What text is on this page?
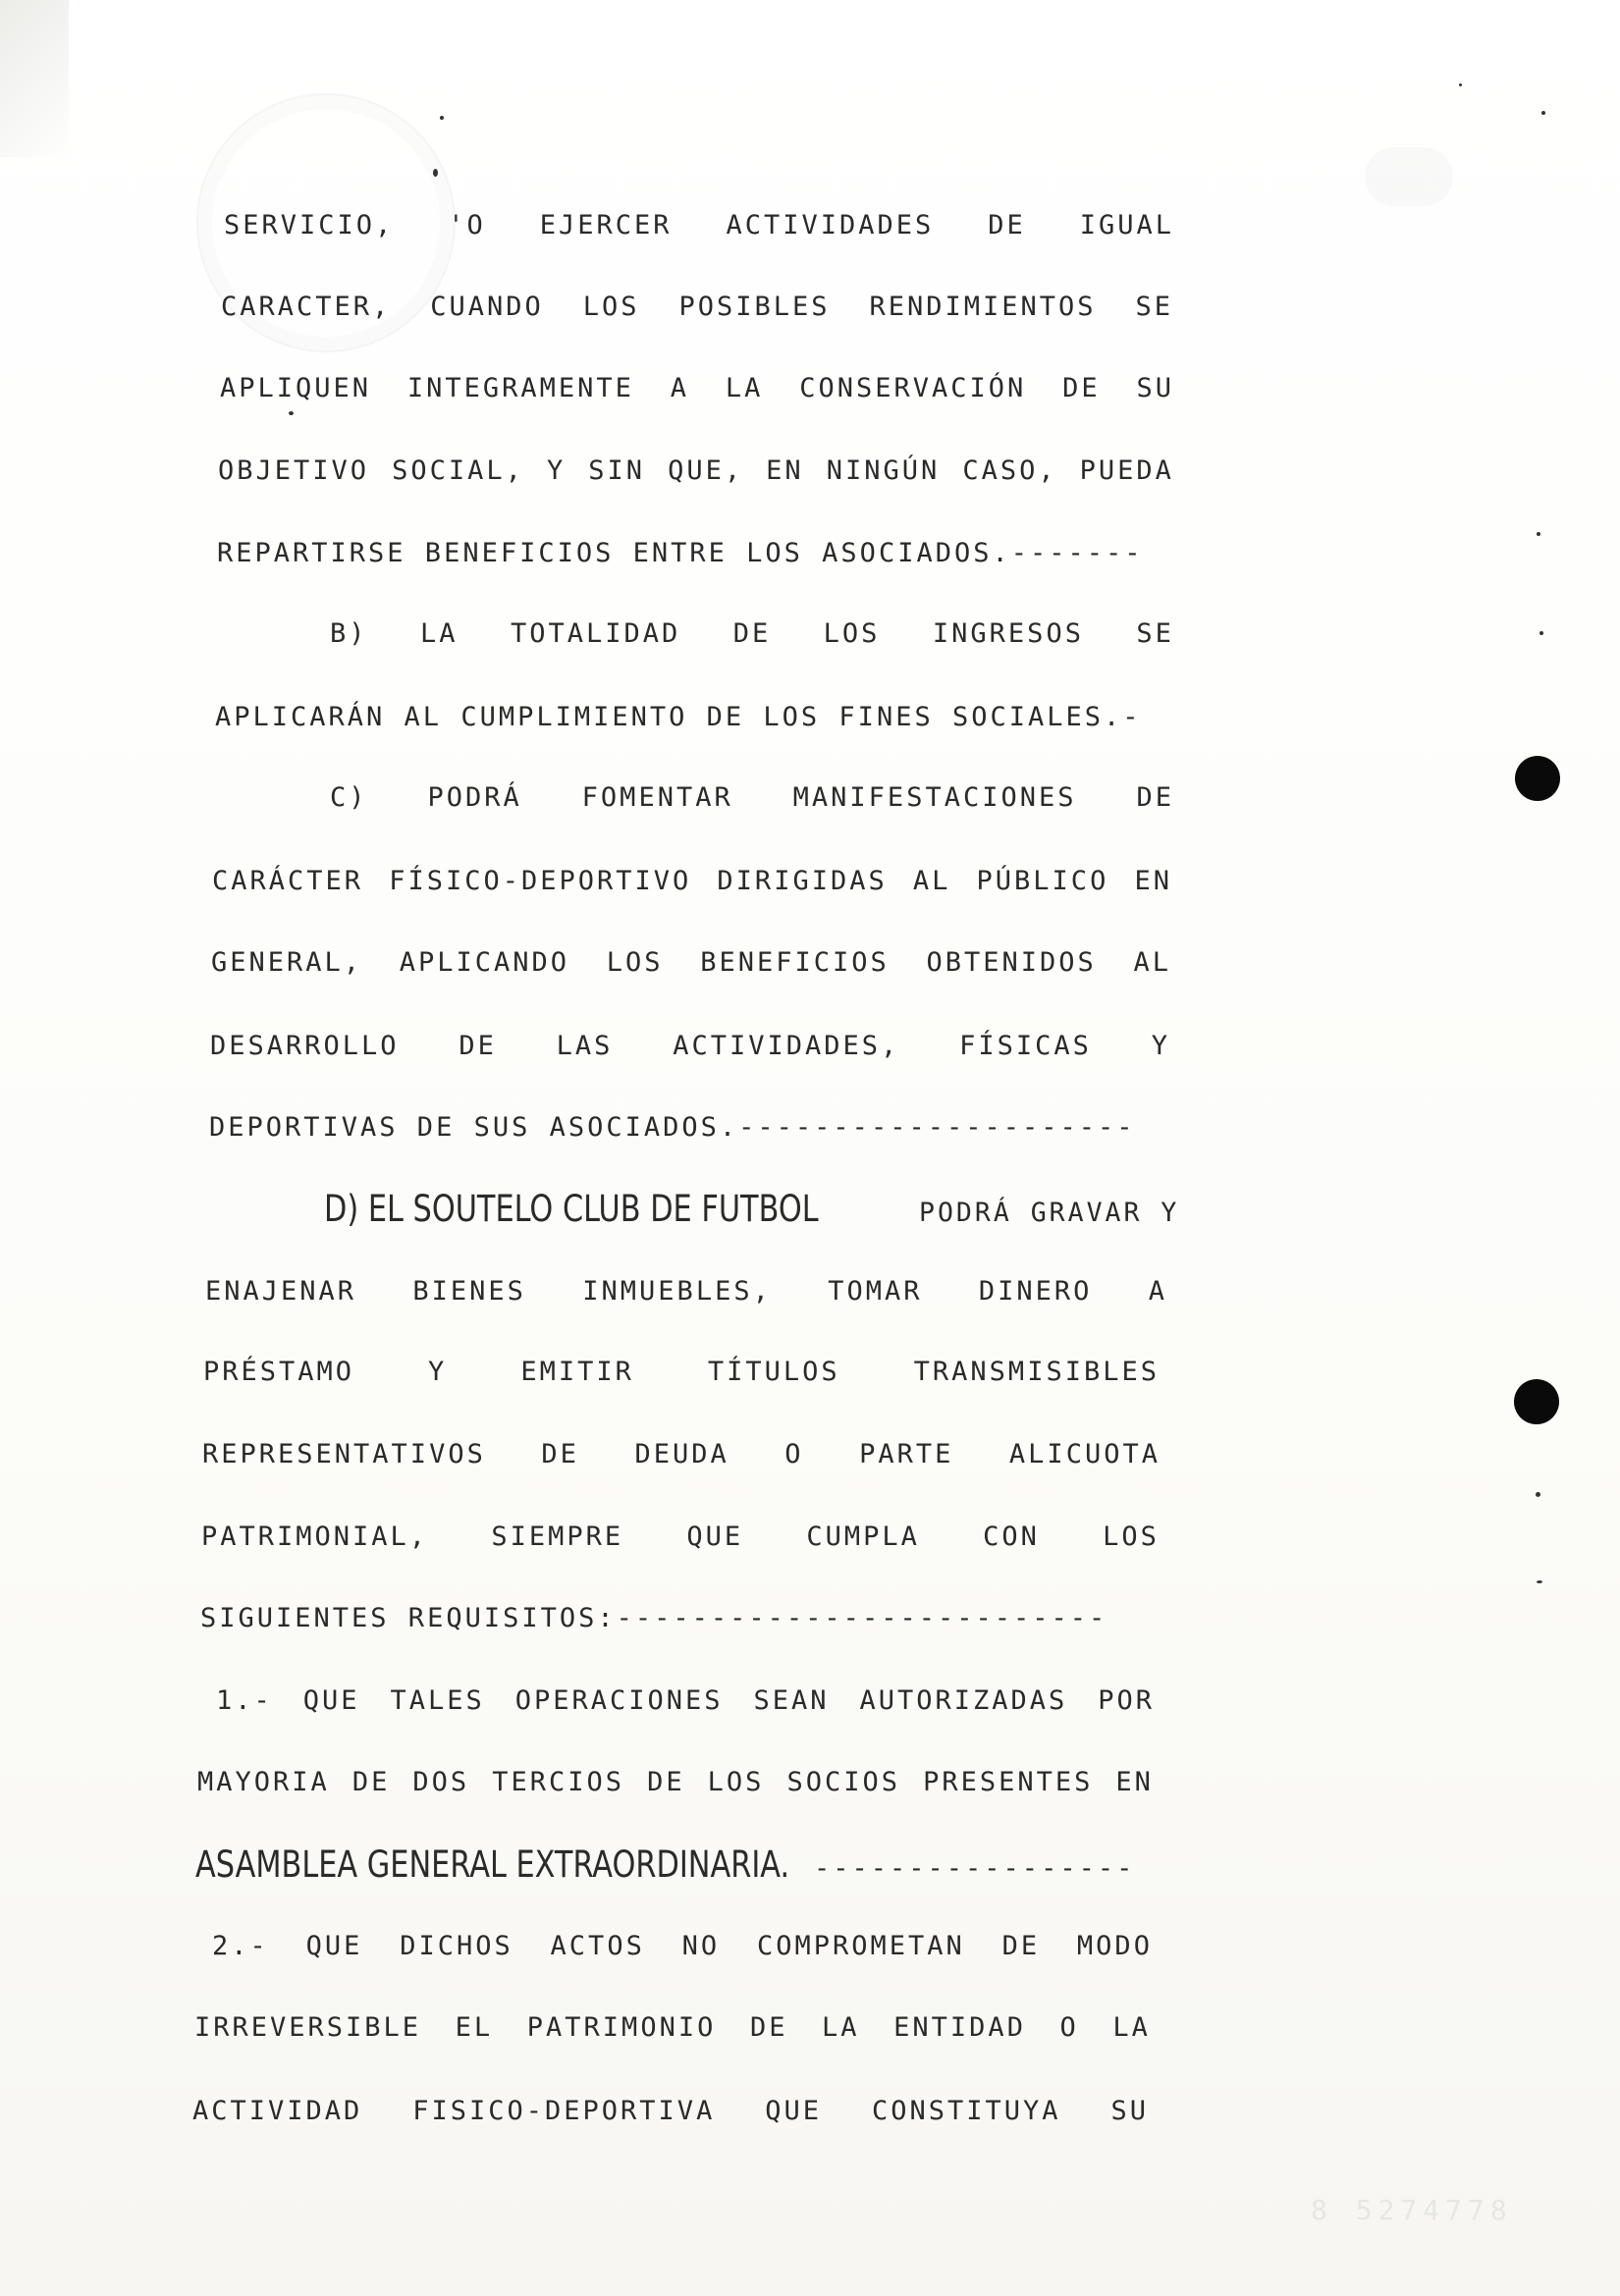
SERVICIO, 'O EJERCER ACTIVIDADES DE IGUAL
CARACTER, CUANDO LOS POSIBLES RENDIMIENTOS SE
APLIQUEN INTEGRAMENTE A LA CONSERVACIÓN DE SU
OBJETIVO SOCIAL, Y SIN QUE, EN NINGÚN CASO, PUEDA
REPARTIRSE BENEFICIOS ENTRE LOS ASOCIADOS.-------
B) LA TOTALIDAD DE LOS INGRESOS SE
APLICARÁN AL CUMPLIMIENTO DE LOS FINES SOCIALES.-
C) PODRÁ FOMENTAR MANIFESTACIONES DE
CARÁCTER FÍSICO-DEPORTIVO DIRIGIDAS AL PÚBLICO EN
GENERAL, APLICANDO LOS BENEFICIOS OBTENIDOS AL
DESARROLLO DE LAS ACTIVIDADES, FÍSICAS Y
DEPORTIVAS DE SUS ASOCIADOS.---------------------
D) EL SOUTELO CLUB DE FUTBOL	PODRÁ GRAVAR Y
ENAJENAR BIENES INMUEBLES, TOMAR DINERO A
PRÉSTAMO	Y	EMITIR	TÍTULOS	TRANSMISIBLES
REPRESENTATIVOS DE DEUDA O PARTE ALICUOTA
PATRIMONIAL, SIEMPRE QUE CUMPLA CON LOS
SIGUIENTES REQUISITOS:--------------------------
1.- QUE TALES OPERACIONES SEAN AUTORIZADAS POR
MAYORIA DE DOS TERCIOS DE LOS SOCIOS PRESENTES EN
ASAMBLEA GENERAL EXTRAORDINARIA. -----------------
2.- QUE DICHOS ACTOS NO COMPROMETAN DE MODO
IRREVERSIBLE EL PATRIMONIO DE LA ENTIDAD O LA
ACTIVIDAD FISICO-DEPORTIVA QUE CONSTITUYA SU
8 5274778
